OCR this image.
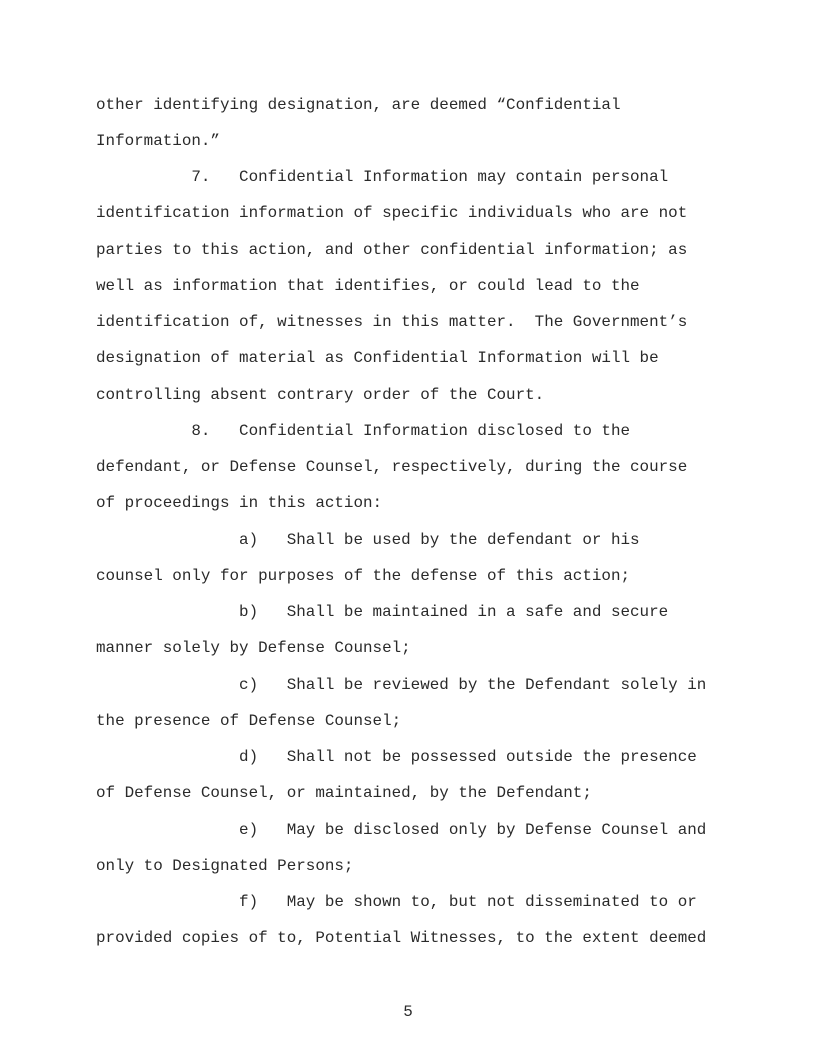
other identifying designation, are deemed “Confidential

Information.”

7.   Confidential Information may contain personal

identification information of specific individuals who are not

parties to this action, and other confidential information; as

well as information that identifies, or could lead to the

identification of, witnesses in this matter.  The Government’s

designation of material as Confidential Information will be

controlling absent contrary order of the Court.

8.   Confidential Information disclosed to the

defendant, or Defense Counsel, respectively, during the course

of proceedings in this action:

a)   Shall be used by the defendant or his

counsel only for purposes of the defense of this action;

b)   Shall be maintained in a safe and secure

manner solely by Defense Counsel;

c)   Shall be reviewed by the Defendant solely in

the presence of Defense Counsel;

d)   Shall not be possessed outside the presence

of Defense Counsel, or maintained, by the Defendant;

e)   May be disclosed only by Defense Counsel and

only to Designated Persons;

f)   May be shown to, but not disseminated to or

provided copies of to, Potential Witnesses, to the extent deemed

5
